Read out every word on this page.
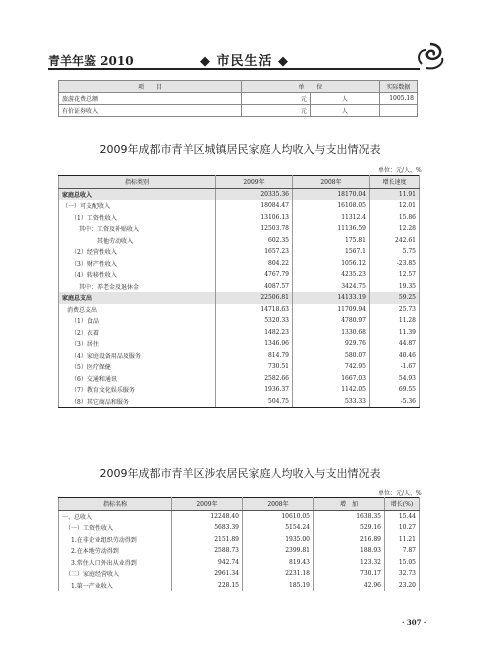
青羊年鉴 2010	◆ 市民生活 ◆
项　　目	单　　位		实际数据
旅游花费总额	元	人	1005.18
有价证券收入	元	人	
2009年成都市青羊区城镇居民家庭人均收入与支出情况表
单位：元/人、%
指标类别	2009年	2008年	增长速度
家庭总收入	20335.36	18170.04	11.91
（一）可支配收入	18084.47	16108.05	12.01
（1）工资性收入	13106.13	11312.4	15.86
其中：工资及补贴收入	12503.78	11136.59	12.28
其他劳动收入	602.35	175.81	242.61
（2）经营性收入	1657.23	1567.1	5.75
（3）财产性收入	804.22	1056.12	-23.85
（4）转移性收入	4767.79	4235.23	12.57
其中：养老金及退休金	4087.57	3424.75	19.35
家庭总支出	22506.81	14133.19	59.25
消费总支出	14718.63	11709.94	25.73
（1）食品	5320.33	4780.97	11.28
（2）衣着	1482.23	1330.68	11.39
（3）居住	1346.96	929.76	44.87
（4）家庭设备用品及服务	814.79	580.07	40.46
（5）医疗保健	730.51	742.95	-1.67
（6）交通和通讯	2582.66	1667.03	54.93
（7）教育文化娱乐服务	1936.37	1142.05	69.55
（8）其它商品和服务	504.75	533.33	-5.36
2009年成都市青羊区涉农居民家庭人均收入与支出情况表
单位：元/人、%
指标名称	2009年	2008年	增　加	增长(%)
一、总收入	12248.40	10610.05	1638.35	15.44
（一）工资性收入	5683.39	5154.24	529.16	10.27
1.在非企业组织劳动得到	2151.89	1935.00	216.89	11.21
2.在本地劳动得到	2588.73	2399.81	188.93	7.87
3.常住人口外出从业得到	942.74	819.43	123.32	15.05
（二）家庭经营收入	2961.34	2231.18	730.17	32.73
1.第一产业收入	228.15	185.19	42.96	23.20
· 307 ·
